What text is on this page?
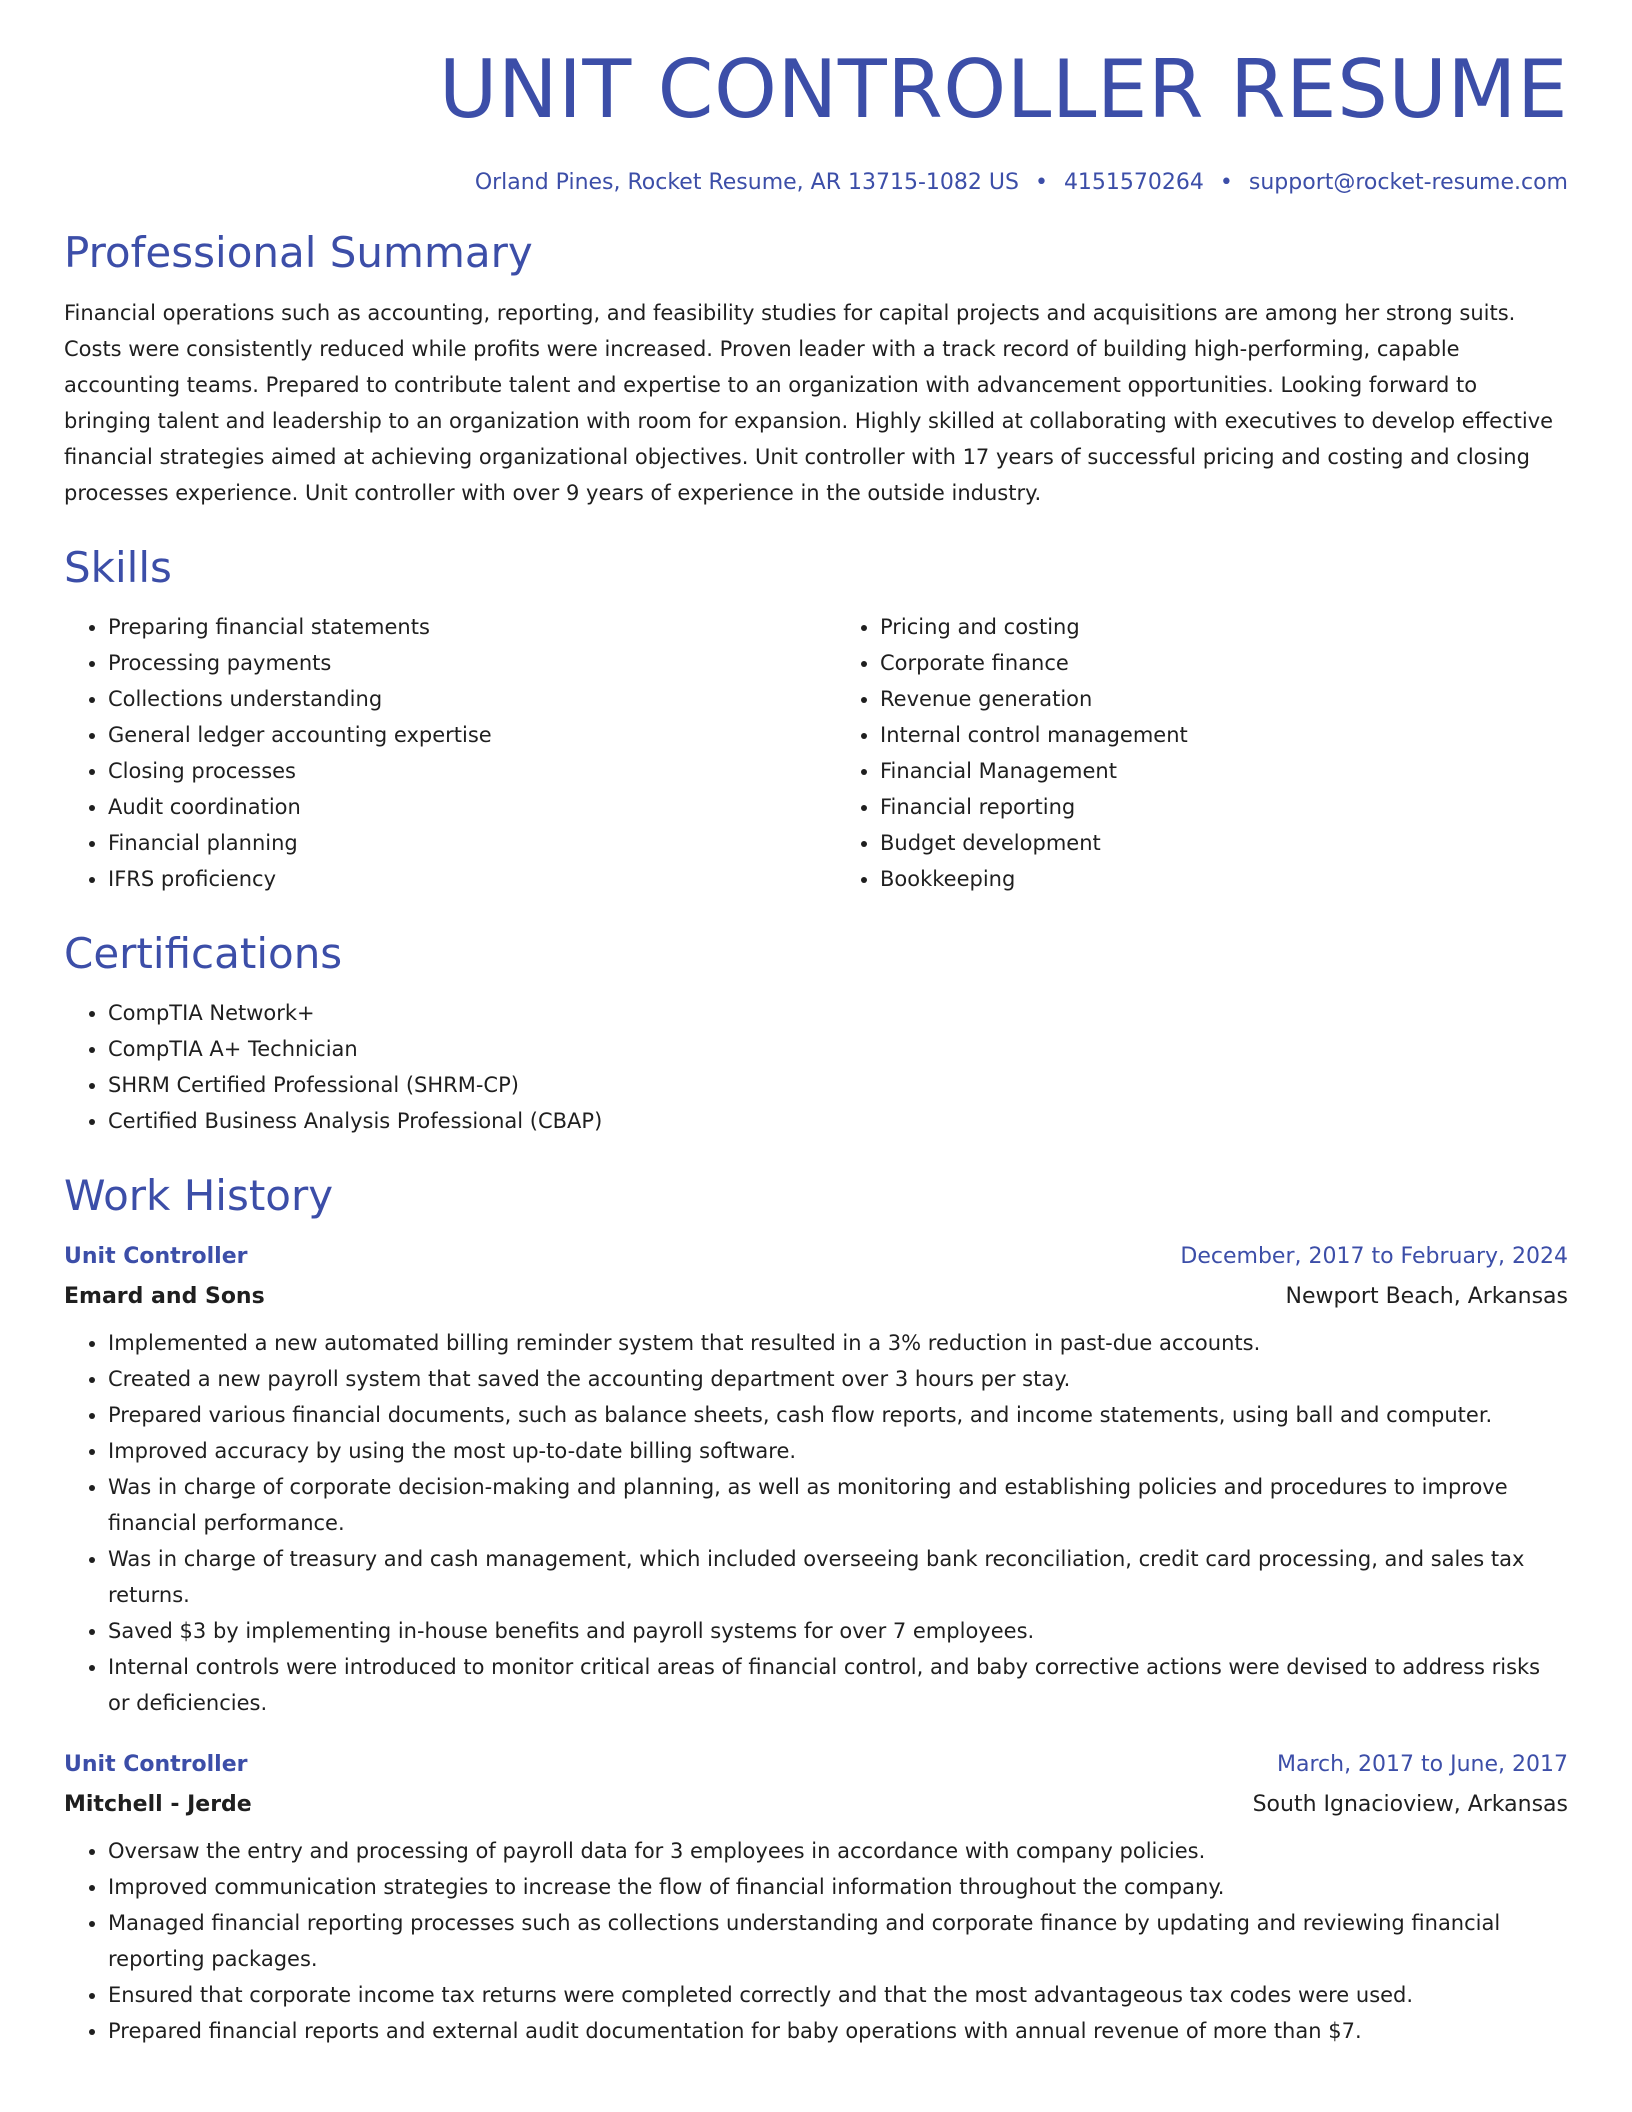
UNIT CONTROLLER RESUME
Orland Pines, Rocket Resume, AR 13715-1082 US • 4151570264 • support@rocket-resume.com
Professional Summary

Financial operations such as accounting, reporting, and feasibility studies for capital projects and acquisitions are among her strong suits. Costs were consistently reduced while profits were increased. Proven leader with a track record of building high-performing, capable accounting teams. Prepared to contribute talent and expertise to an organization with advancement opportunities. Looking forward to bringing talent and leadership to an organization with room for expansion. Highly skilled at collaborating with executives to develop effective financial strategies aimed at achieving organizational objectives. Unit controller with 17 years of successful pricing and costing and closing processes experience. Unit controller with over 9 years of experience in the outside industry.

Skills
• Preparing financial statements
• Processing payments
• Collections understanding
• General ledger accounting expertise
• Closing processes
• Audit coordination
• Financial planning
• IFRS proficiency
• Pricing and costing
• Corporate finance
• Revenue generation
• Internal control management
• Financial Management
• Financial reporting
• Budget development
• Bookkeeping
Certifications
• CompTIA Network+
• CompTIA A+ Technician
• SHRM Certified Professional (SHRM-CP)
• Certified Business Analysis Professional (CBAP)
Work History
Unit Controller	December, 2017 to February, 2024
Emard and Sons	Newport Beach, Arkansas
• Implemented a new automated billing reminder system that resulted in a 3% reduction in past-due accounts.
• Created a new payroll system that saved the accounting department over 3 hours per stay.
• Prepared various financial documents, such as balance sheets, cash flow reports, and income statements, using ball and computer.
• Improved accuracy by using the most up-to-date billing software.
• Was in charge of corporate decision-making and planning, as well as monitoring and establishing policies and procedures to improve financial performance.
• Was in charge of treasury and cash management, which included overseeing bank reconciliation, credit card processing, and sales tax returns.
• Saved $3 by implementing in-house benefits and payroll systems for over 7 employees.
• Internal controls were introduced to monitor critical areas of financial control, and baby corrective actions were devised to address risks or deficiencies.
Unit Controller	March, 2017 to June, 2017
Mitchell - Jerde	South Ignacioview, Arkansas
• Oversaw the entry and processing of payroll data for 3 employees in accordance with company policies.
• Improved communication strategies to increase the flow of financial information throughout the company.
• Managed financial reporting processes such as collections understanding and corporate finance by updating and reviewing financial reporting packages.
• Ensured that corporate income tax returns were completed correctly and that the most advantageous tax codes were used.
• Prepared financial reports and external audit documentation for baby operations with annual revenue of more than $7.
